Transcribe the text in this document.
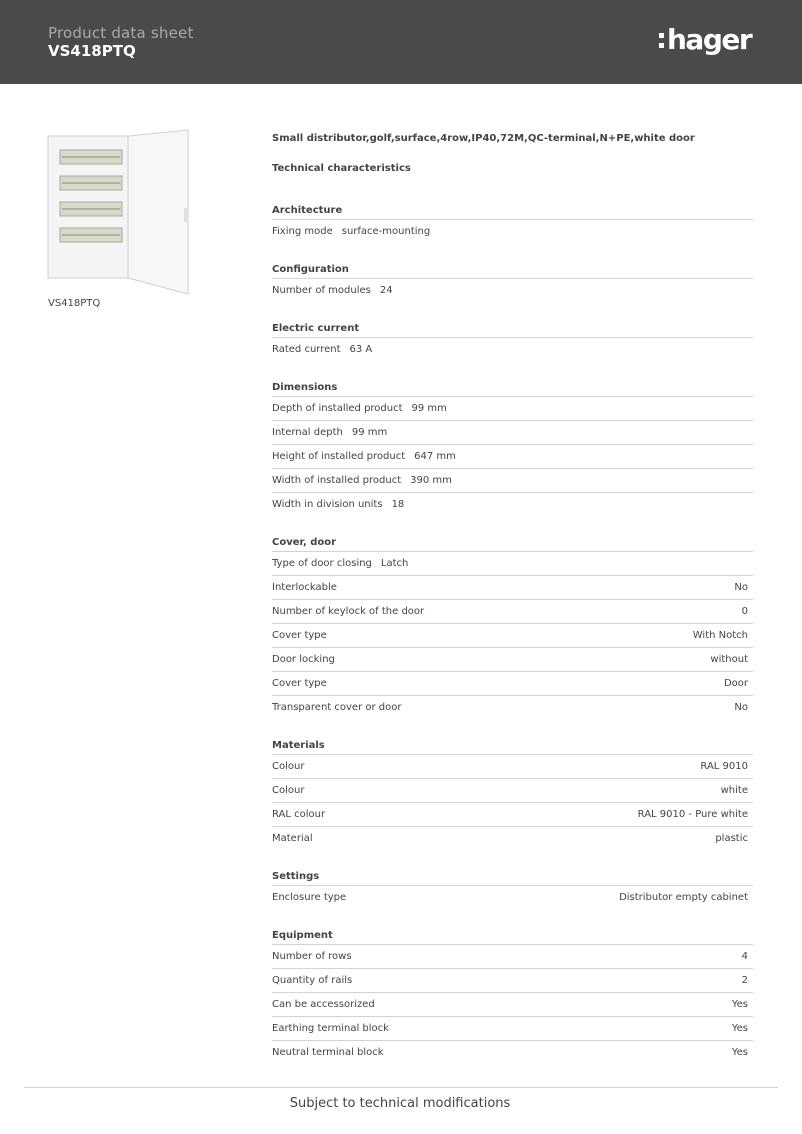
Product data sheet
VS418PTQ	hager
VS418PTQ
Small distributor,golf,surface,4row,IP40,72M,QC-terminal,N+PE,white door
Technical characteristics
Architecture
Fixing mode surface-mounting
Configuration
Number of modules 24
Electric current
Rated current 63 A
Dimensions
Depth of installed product 99 mm
Internal depth 99 mm
Height of installed product 647 mm
Width of installed product 390 mm
Width in division units 18
Cover, door
Type of door closing Latch
Interlockable	No
Number of keylock of the door	0
Cover type	With Notch
Door locking	without
Cover type	Door
Transparent cover or door	No
Materials
Colour	RAL 9010
Colour	white
RAL colour	RAL 9010 - Pure white
Material	plastic
Settings
Enclosure type	Distributor empty cabinet
Equipment
Number of rows	4
Quantity of rails	2
Can be accessorized	Yes
Earthing terminal block	Yes
Neutral terminal block	Yes
Subject to technical modifications
